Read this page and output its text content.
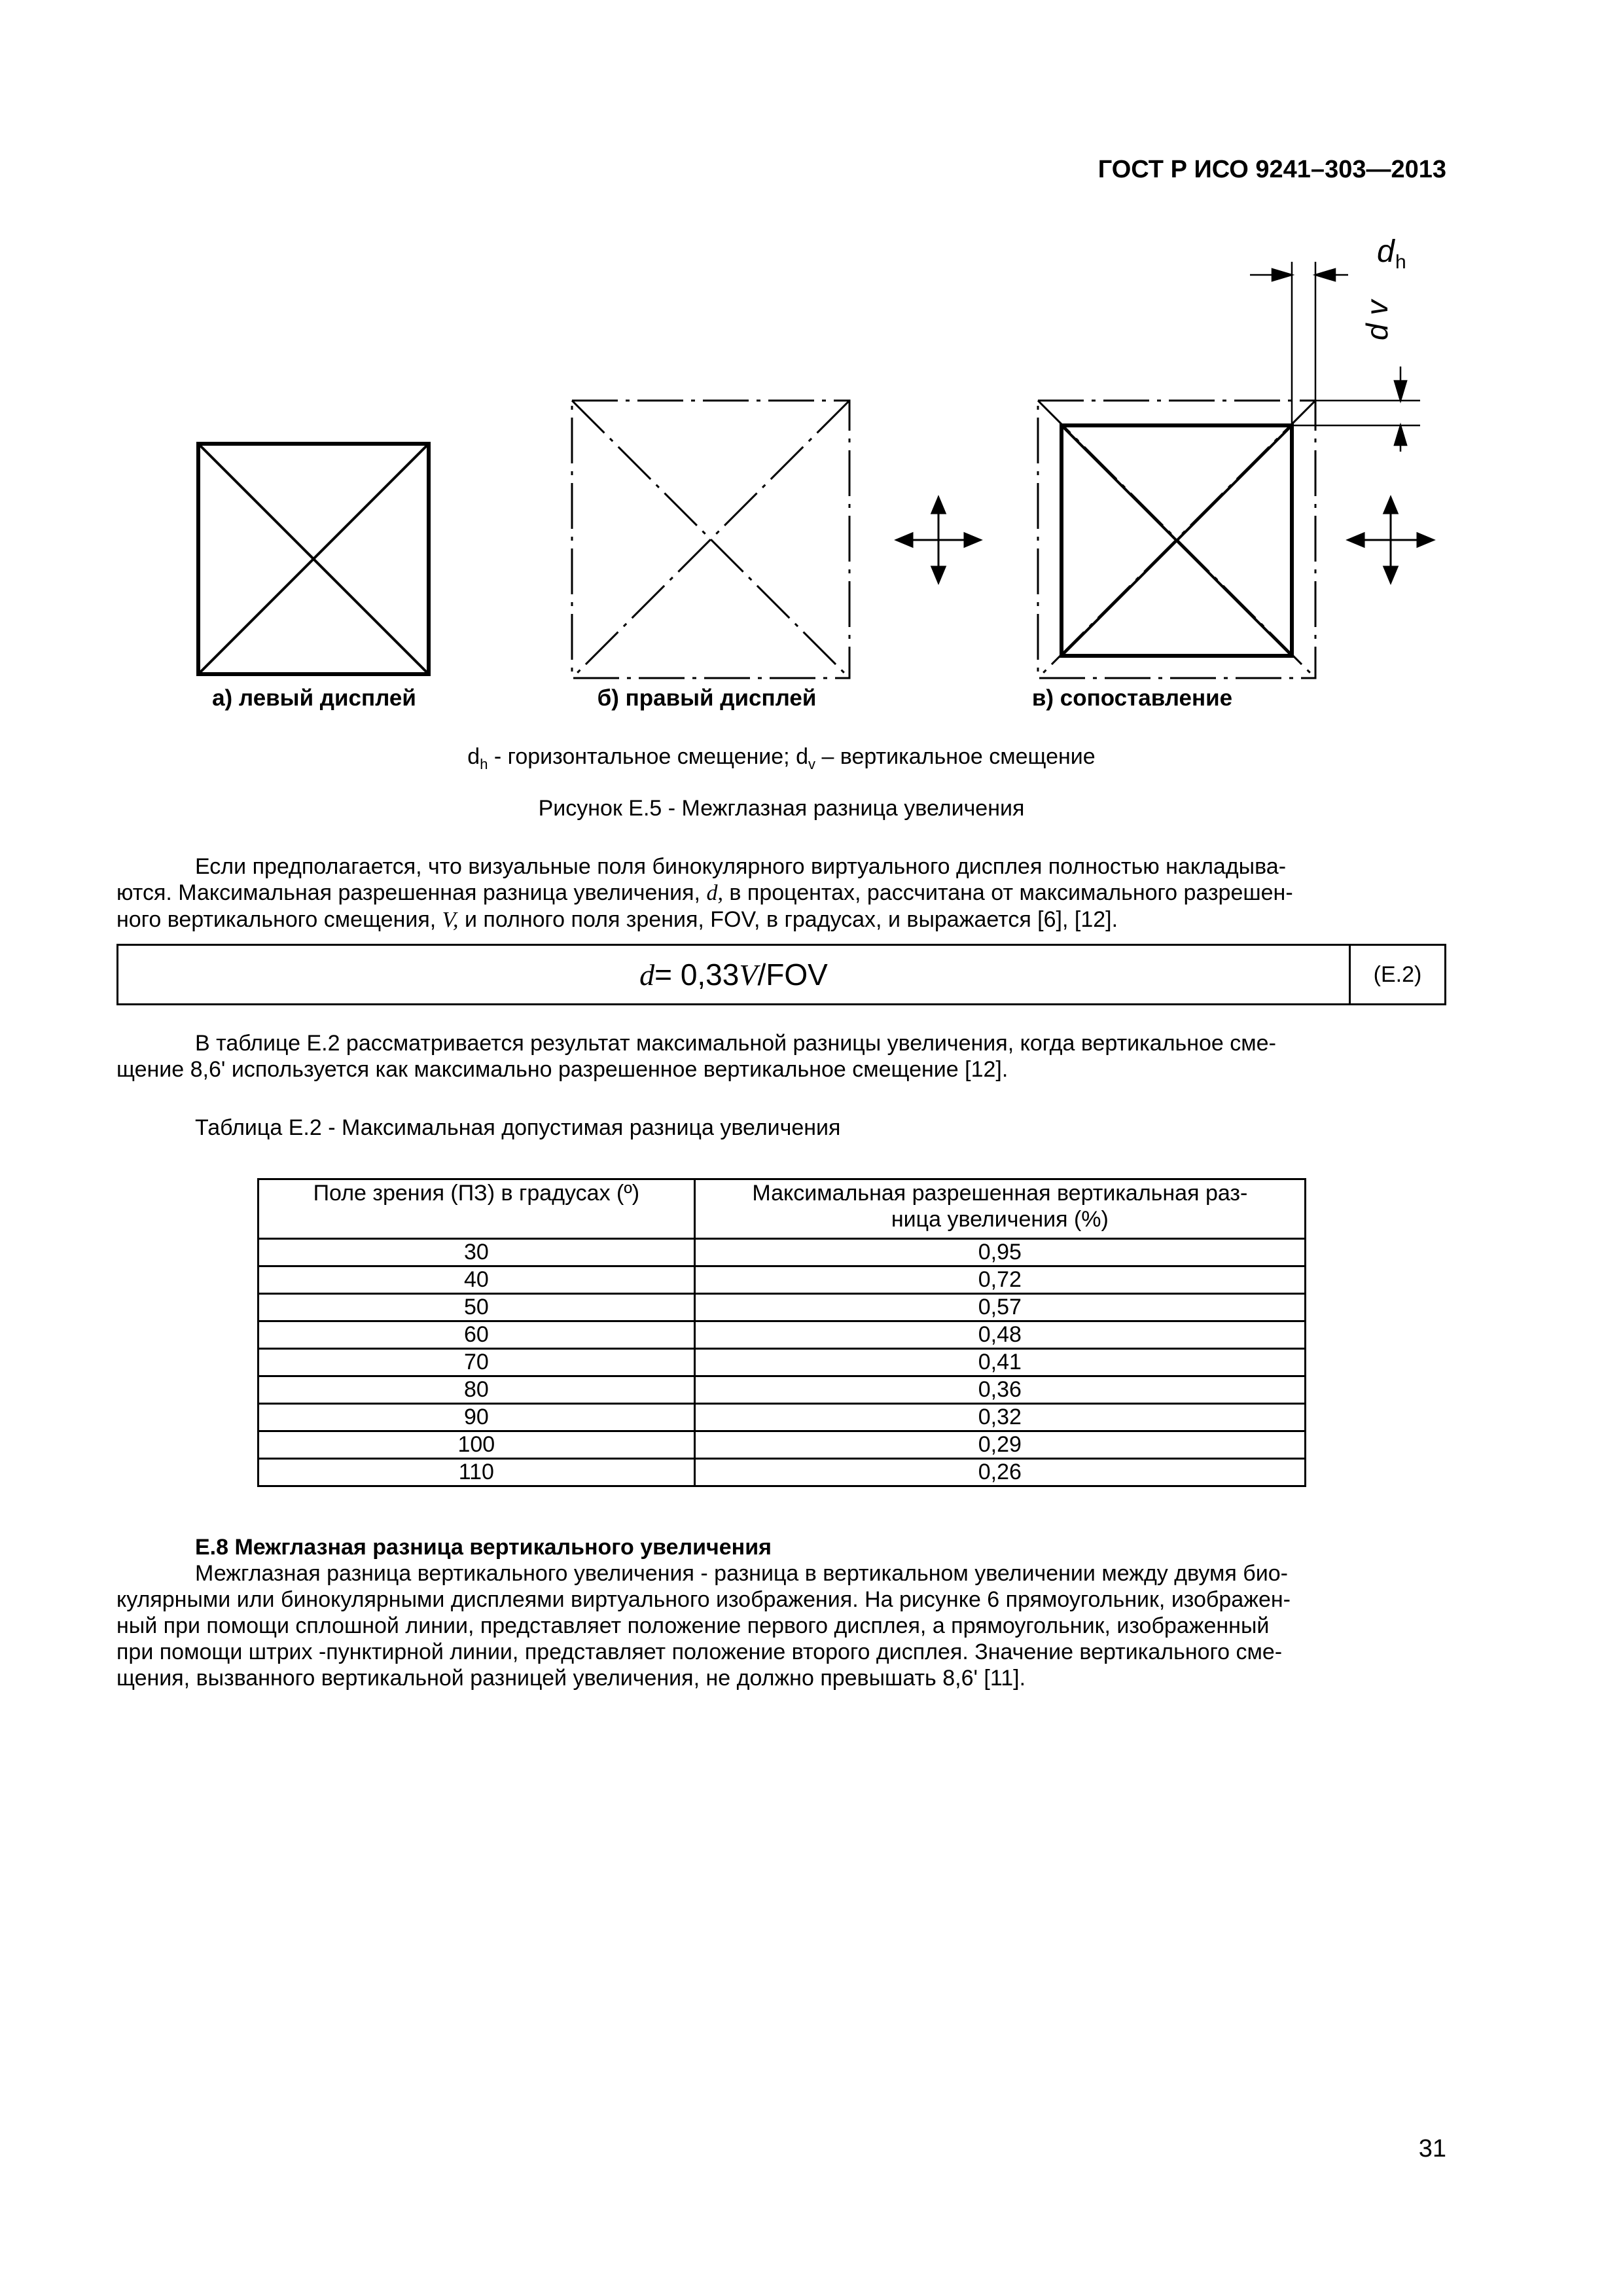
ГОСТ Р ИСО 9241–303—2013
d h
d v
а) левый дисплей	б) правый дисплей	в) сопоставление
$d_h$ - горизонтальное смещение; $d_v$ – вертикальное смещение
Рисунок Е.5 - Межглазная разница увеличения

Если предполагается, что визуальные поля бинокулярного виртуального дисплея полностью накладыва-

ются. Максимальная разрешенная разница увеличения, d, в процентах, рассчитана от максимального разрешен-

ного вертикального смещения, V, и полного поля зрения, FOV, в градусах, и выражается [6], [12].

d = 0,33 V /FOV	(E.2)

В таблице Е.2 рассматривается результат максимальной разницы увеличения, когда вертикальное сме-

щение 8,6' используется как максимально разрешенное вертикальное смещение [12].

Таблица Е.2 - Максимальная допустимая разница увеличения
Поле зрения (ПЗ) в градусах (º)	Максимальная разрешенная вертикальная раз-
ница увеличения (%)
30	0,95
40	0,72
50	0,57
60	0,48
70	0,41
80	0,36
90	0,32
100	0,29
110	0,26

Е.8 Межглазная разница вертикального увеличения

Межглазная разница вертикального увеличения - разница в вертикальном увеличении между двумя био-

кулярными или бинокулярными дисплеями виртуального изображения. На рисунке 6 прямоугольник, изображен-

ный при помощи сплошной линии, представляет положение первого дисплея, а прямоугольник, изображенный

при помощи штрих -пунктирной линии, представляет положение второго дисплея. Значение вертикального сме-

щения, вызванного вертикальной разницей увеличения, не должно превышать 8,6' [11].

31
